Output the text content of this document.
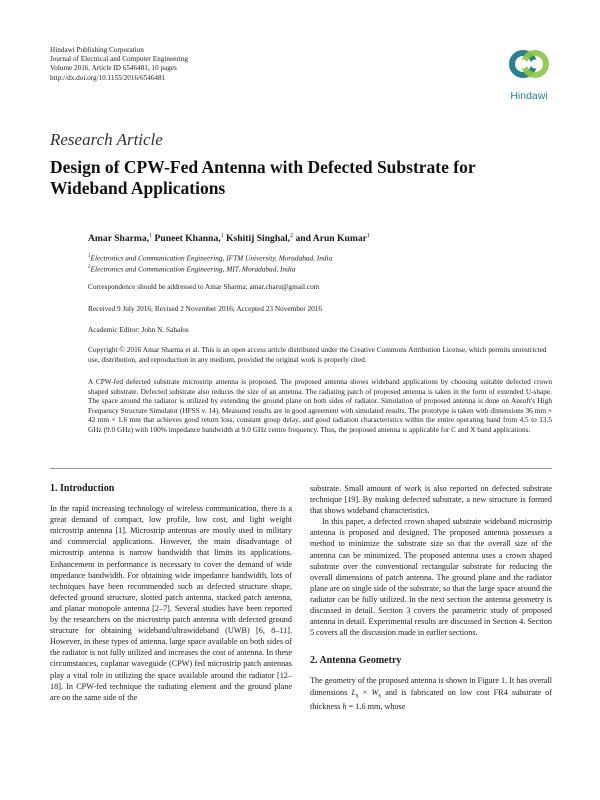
Hindawi Publishing Corporation
Journal of Electrical and Computer Engineering
Volume 2016, Article ID 6546481, 10 pages
http://dx.doi.org/10.1155/2016/6546481
Hindawi
Research Article
Design of CPW-Fed Antenna with Defected Substrate for Wideband Applications
Amar Sharma,$^1$ Puneet Khanna,$^1$ Kshitij Singhal,$^2$ and Arun Kumar$^1$
$^1$Electronics and Communication Engineering, IFTM University, Moradabad, India
$^2$Electronics and Communication Engineering, MIT, Moradabad, India
Correspondence should be addressed to Amar Sharma; amar.charu@gmail.com
Received 9 July 2016; Revised 2 November 2016; Accepted 23 November 2016
Academic Editor: John N. Sahalos
Copyright © 2016 Amar Sharma et al. This is an open access article distributed under the Creative Commons Attribution License, which permits unrestricted use, distribution, and reproduction in any medium, provided the original work is properly cited.
A CPW-fed defected substrate microstrip antenna is proposed. The proposed antenna shows wideband applications by choosing suitable defected crown shaped substrate. Defected substrate also reduces the size of an antenna. The radiating patch of proposed antenna is taken in the form of extended U-shape. The space around the radiator is utilized by extending the ground plane on both sides of radiator. Simulation of proposed antenna is done on Ansoft's High Frequency Structure Simulator (HFSS v. 14). Measured results are in good agreement with simulated results. The prototype is taken with dimensions 36 mm × 42 mm × 1.6 mm that achieves good return loss, constant group delay, and good radiation characteristics within the entire operating band from 4.5 to 13.5 GHz (9.0 GHz) with 100% impedance bandwidth at 9.0 GHz centre frequency. Thus, the proposed antenna is applicable for C and X band applications.

1. Introduction

In the rapid increasing technology of wireless communication, there is a great demand of compact, low profile, low cost, and light weight microstrip antenna [1]. Microstrip antennas are mostly used in military and commercial applications. However, the main disadvantage of microstrip antenna is narrow bandwidth that limits its applications. Enhancement in performance is necessary to cover the demand of wide impedance bandwidth. For obtaining wide impedance bandwidth, lots of techniques have been recommended such as defected structure shape, defected ground structure, slotted patch antenna, stacked patch antenna, and planar monopole antenna [2–7]. Several studies have been reported by the researchers on the microstrip patch antenna with defected ground structure for obtaining wideband/ultrawideband (UWB) [6, 8–11]. However, in these types of antenna, large space available on both sides of the radiator is not fully utilized and increases the cost of antenna. In these circumstances, coplanar waveguide (CPW) fed microstrip patch antennas play a vital role in utilizing the space available around the radiator [12–18]. In CPW-fed technique the radiating element and the ground plane are on the same side of the

substrate. Small amount of work is also reported on defected substrate technique [19]. By making defected substrate, a new structure is formed that shows wideband characteristics.

In this paper, a defected crown shaped substrate wideband microstrip antenna is proposed and designed. The proposed antenna possesses a method to minimize the substrate size so that the overall size of the antenna can be minimized. The proposed antenna uses a crown shaped substrate over the conventional rectangular substrate for reducing the overall dimensions of patch antenna. The ground plane and the radiator plane are on single side of the substrate, so that the large space around the radiator can be fully utilized. In the next section the antenna geometry is discussed in detail. Section 3 covers the parametric study of proposed antenna in detail. Experimental results are discussed in Section 4. Section 5 covers all the discussion made in earlier sections.

2. Antenna Geometry

The geometry of the proposed antenna is shown in Figure 1. It has overall dimensions $L_s \times W_s$ and is fabricated on low cost FR4 substrate of thickness h = 1.6 mm, whose
